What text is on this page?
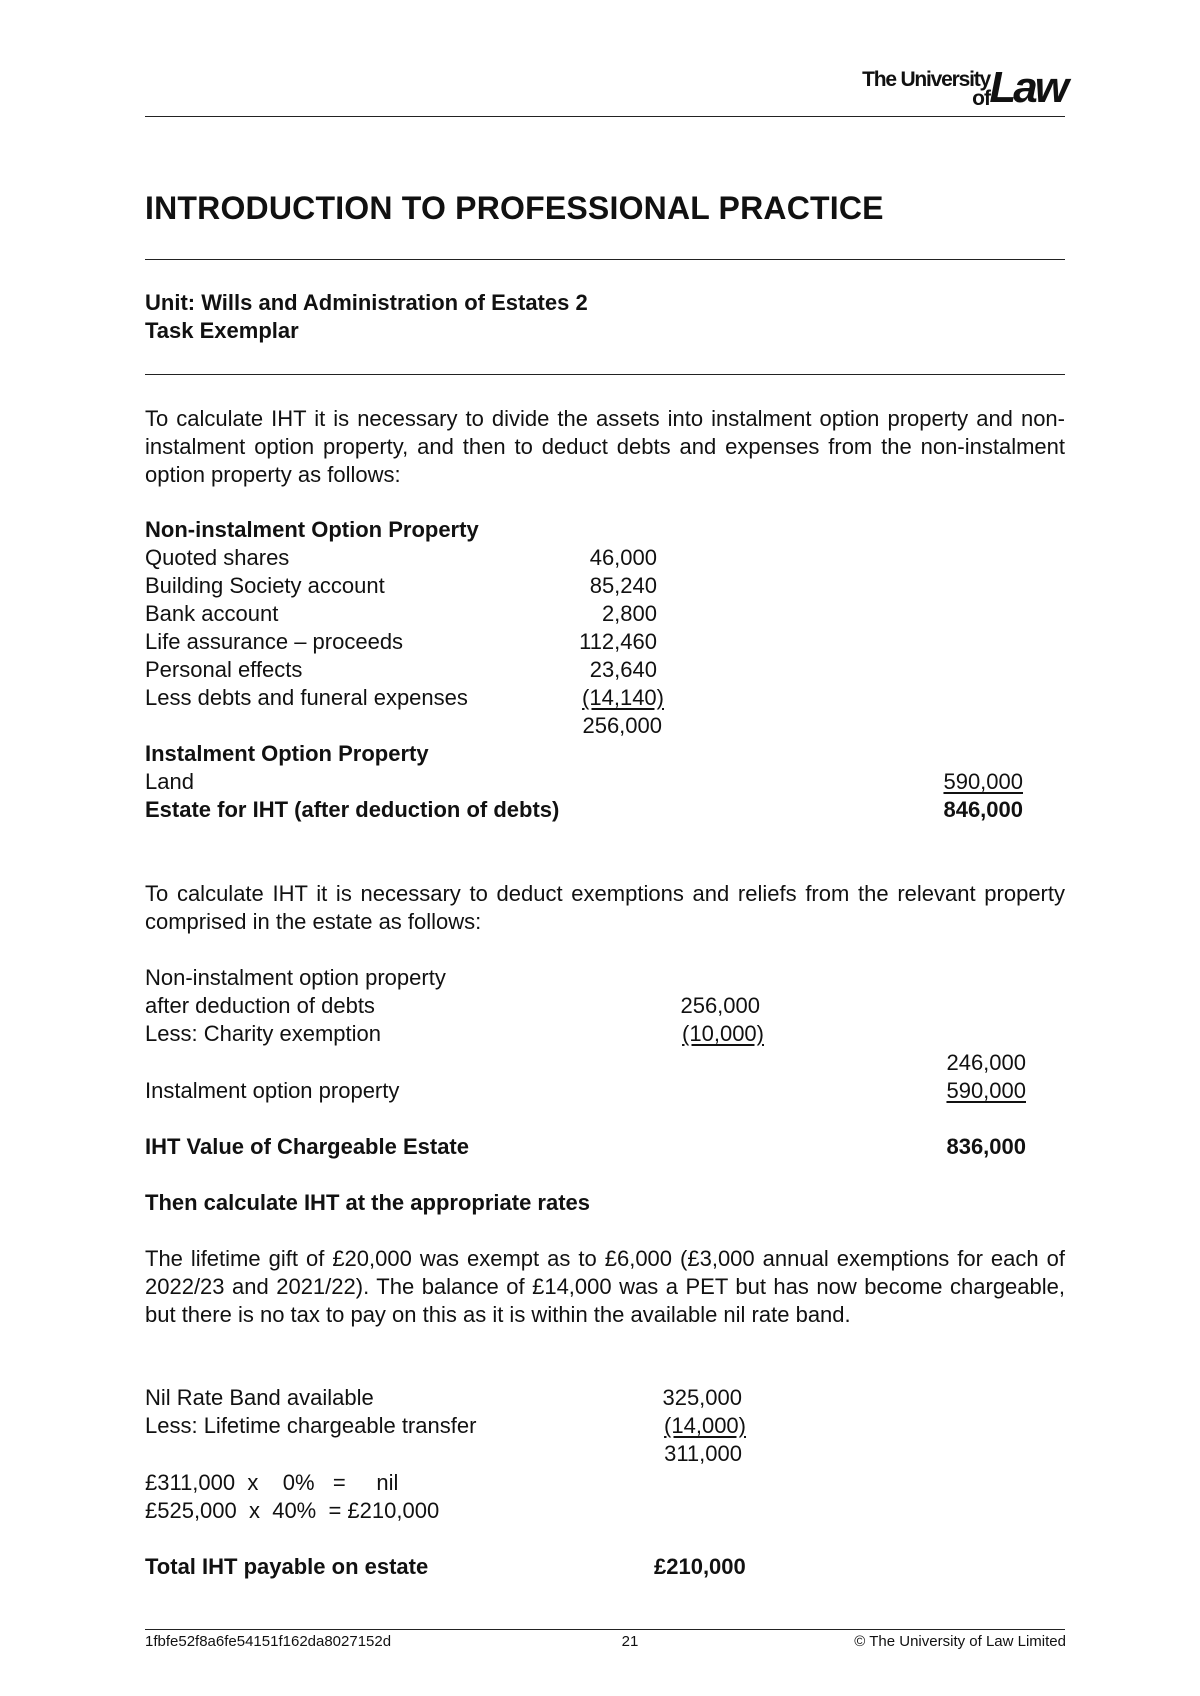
The University
of Law
INTRODUCTION TO PROFESSIONAL PRACTICE
Unit: Wills and Administration of Estates 2
Task Exemplar
To calculate IHT it is necessary to divide the assets into instalment option property and non-instalment option property, and then to deduct debts and expenses from the non-instalment option property as follows:
Non-instalment Option Property
Quoted shares	46,000
Building Society account	85,240
Bank account	2,800
Life assurance – proceeds	112,460
Personal effects	23,640
Less debts and funeral expenses	(14,140)
256,000
Instalment Option Property
Land	590,000
Estate for IHT (after deduction of debts)	846,000
To calculate IHT it is necessary to deduct exemptions and reliefs from the relevant property comprised in the estate as follows:
Non-instalment option property
after deduction of debts	256,000
Less: Charity exemption	(10,000)
246,000
Instalment option property	590,000
IHT Value of Chargeable Estate	836,000
Then calculate IHT at the appropriate rates
The lifetime gift of £20,000 was exempt as to £6,000 (£3,000 annual exemptions for each of 2022/23 and 2021/22). The balance of £14,000 was a PET but has now become chargeable, but there is no tax to pay on this as it is within the available nil rate band.
Nil Rate Band available	325,000
Less: Lifetime chargeable transfer	(14,000)
311,000
£311,000  x    0%   =     nil
£525,000  x  40%  = £210,000
Total IHT payable on estate	£210,000
1fbfe52f8a6fe54151f162da8027152d	21	© The University of Law Limited
